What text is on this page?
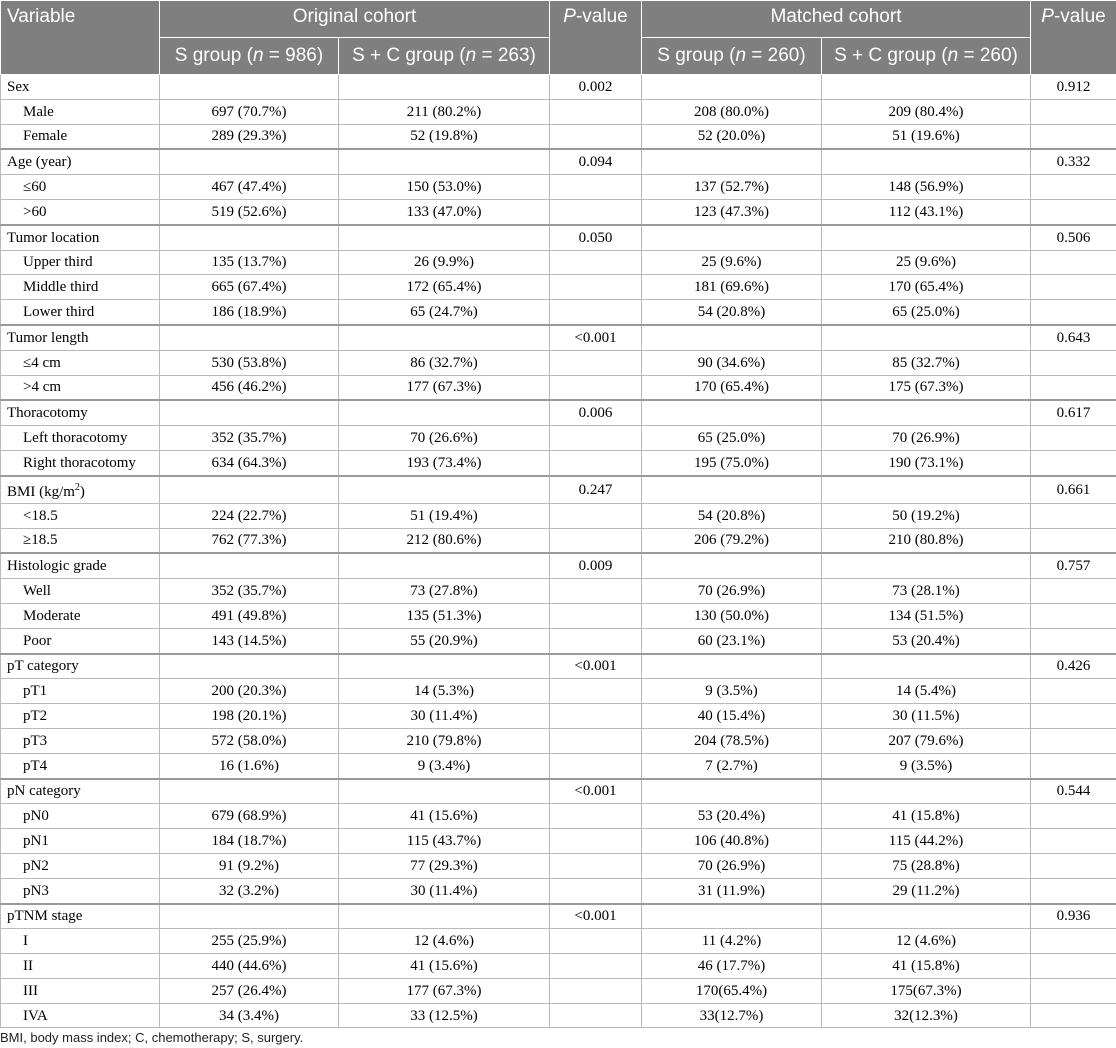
Variable	Original cohort		P-value	Matched cohort		P-value
	S group (n = 986)	S + C group (n = 263)		S group (n = 260)	S + C group (n = 260)	
Sex			0.002			0.912
Male	697 (70.7%)	211 (80.2%)		208 (80.0%)	209 (80.4%)	
Female	289 (29.3%)	52 (19.8%)		52 (20.0%)	51 (19.6%)	
Age (year)			0.094			0.332
≤60	467 (47.4%)	150 (53.0%)		137 (52.7%)	148 (56.9%)	
>60	519 (52.6%)	133 (47.0%)		123 (47.3%)	112 (43.1%)	
Tumor location			0.050			0.506
Upper third	135 (13.7%)	26 (9.9%)		25 (9.6%)	25 (9.6%)	
Middle third	665 (67.4%)	172 (65.4%)		181 (69.6%)	170 (65.4%)	
Lower third	186 (18.9%)	65 (24.7%)		54 (20.8%)	65 (25.0%)	
Tumor length			<0.001			0.643
≤4 cm	530 (53.8%)	86 (32.7%)		90 (34.6%)	85 (32.7%)	
>4 cm	456 (46.2%)	177 (67.3%)		170 (65.4%)	175 (67.3%)	
Thoracotomy			0.006			0.617
Left thoracotomy	352 (35.7%)	70 (26.6%)		65 (25.0%)	70 (26.9%)	
Right thoracotomy	634 (64.3%)	193 (73.4%)		195 (75.0%)	190 (73.1%)	
BMI $(kg/m^2)$			0.247			0.661
<18.5	224 (22.7%)	51 (19.4%)		54 (20.8%)	50 (19.2%)	
≥18.5	762 (77.3%)	212 (80.6%)		206 (79.2%)	210 (80.8%)	
Histologic grade			0.009			0.757
Well	352 (35.7%)	73 (27.8%)		70 (26.9%)	73 (28.1%)	
Moderate	491 (49.8%)	135 (51.3%)		130 (50.0%)	134 (51.5%)	
Poor	143 (14.5%)	55 (20.9%)		60 (23.1%)	53 (20.4%)	
pT category			<0.001			0.426
pT1	200 (20.3%)	14 (5.3%)		9 (3.5%)	14 (5.4%)	
pT2	198 (20.1%)	30 (11.4%)		40 (15.4%)	30 (11.5%)	
pT3	572 (58.0%)	210 (79.8%)		204 (78.5%)	207 (79.6%)	
pT4	16 (1.6%)	9 (3.4%)		7 (2.7%)	9 (3.5%)	
pN category			<0.001			0.544
pN0	679 (68.9%)	41 (15.6%)		53 (20.4%)	41 (15.8%)	
pN1	184 (18.7%)	115 (43.7%)		106 (40.8%)	115 (44.2%)	
pN2	91 (9.2%)	77 (29.3%)		70 (26.9%)	75 (28.8%)	
pN3	32 (3.2%)	30 (11.4%)		31 (11.9%)	29 (11.2%)	
pTNM stage			<0.001			0.936
I	255 (25.9%)	12 (4.6%)		11 (4.2%)	12 (4.6%)	
II	440 (44.6%)	41 (15.6%)		46 (17.7%)	41 (15.8%)	
III	257 (26.4%)	177 (67.3%)		170(65.4%)	175(67.3%)	
IVA	34 (3.4%)	33 (12.5%)		33(12.7%)	32(12.3%)	
BMI, body mass index; C, chemotherapy; S, surgery.
